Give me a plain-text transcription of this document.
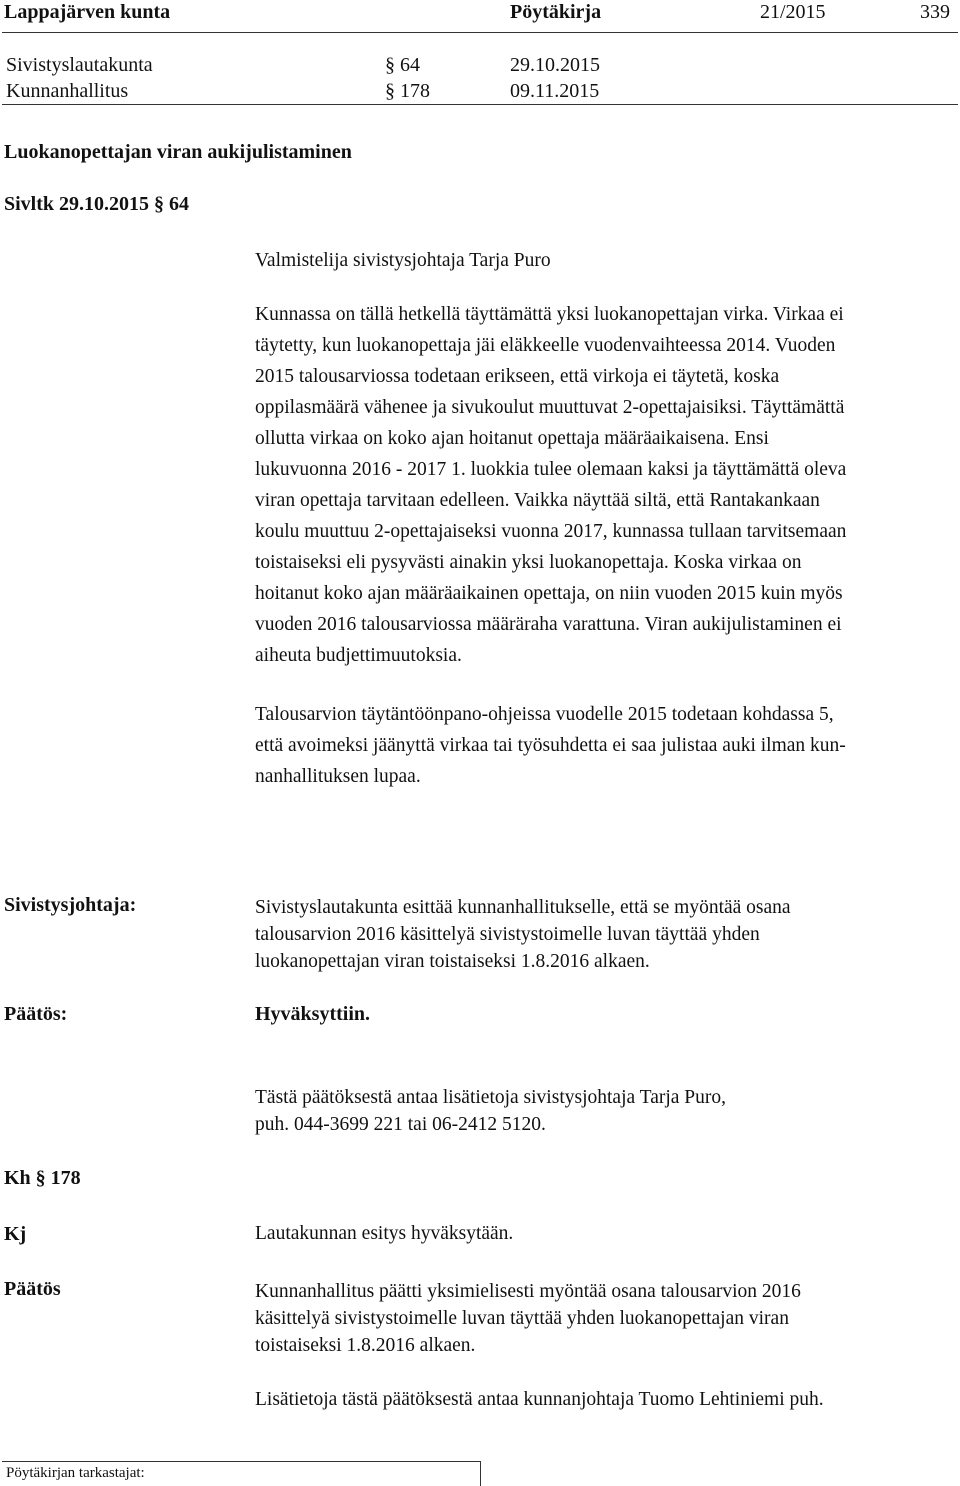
Lappajärven kunta	Pöytäkirja	21/2015	339
Sivistyslautakunta	§ 64	29.10.2015
Kunnanhallitus	§ 178	09.11.2015
Luokanopettajan viran aukijulistaminen
Sivltk 29.10.2015 § 64
Valmistelija sivistysjohtaja Tarja Puro

Kunnassa on tällä hetkellä täyttämättä yksi luokanopettajan virka. Virkaa ei

täytetty, kun luokanopettaja jäi eläkkeelle vuodenvaihteessa 2014. Vuoden

2015 talousarviossa todetaan erikseen, että virkoja ei täytetä, koska

oppilasmäärä vähenee ja sivukoulut muuttuvat 2-opettajaisiksi. Täyttämättä

ollutta virkaa on koko ajan hoitanut opettaja määräaikaisena. Ensi

lukuvuonna 2016 - 2017 1. luokkia tulee olemaan kaksi ja täyttämättä oleva

viran opettaja tarvitaan edelleen. Vaikka näyttää siltä, että Rantakankaan

koulu muuttuu 2-opettajaiseksi vuonna 2017, kunnassa tullaan tarvitsemaan

toistaiseksi eli pysyvästi ainakin yksi luokanopettaja. Koska virkaa on

hoitanut koko ajan määräaikainen opettaja, on niin vuoden 2015 kuin myös

vuoden 2016 talousarviossa määräraha varattuna. Viran aukijulistaminen ei

aiheuta budjettimuutoksia.

Talousarvion täytäntöönpano-ohjeissa vuodelle 2015 todetaan kohdassa 5,

että avoimeksi jäänyttä virkaa tai työsuhdetta ei saa julistaa auki ilman kun-

nanhallituksen lupaa.

Sivistysjohtaja:	Sivistyslautakunta esittää kunnanhallitukselle, että se myöntää osana

talousarvion 2016 käsittelyä sivistystoimelle luvan täyttää yhden

luokanopettajan viran toistaiseksi 1.8.2016 alkaen.

Päätös:	Hyväksyttiin.

Tästä päätöksestä antaa lisätietoja sivistysjohtaja Tarja Puro,

puh. 044-3699 221 tai 06-2412 5120.

Kh § 178
Kj	Lautakunnan esitys hyväksytään.
Päätös	Kunnanhallitus päätti yksimielisesti myöntää osana talousarvion 2016

käsittelyä sivistystoimelle luvan täyttää yhden luokanopettajan viran

toistaiseksi 1.8.2016 alkaen.

Lisätietoja tästä päätöksestä antaa kunnanjohtaja Tuomo Lehtiniemi puh.
Pöytäkirjan tarkastajat:
